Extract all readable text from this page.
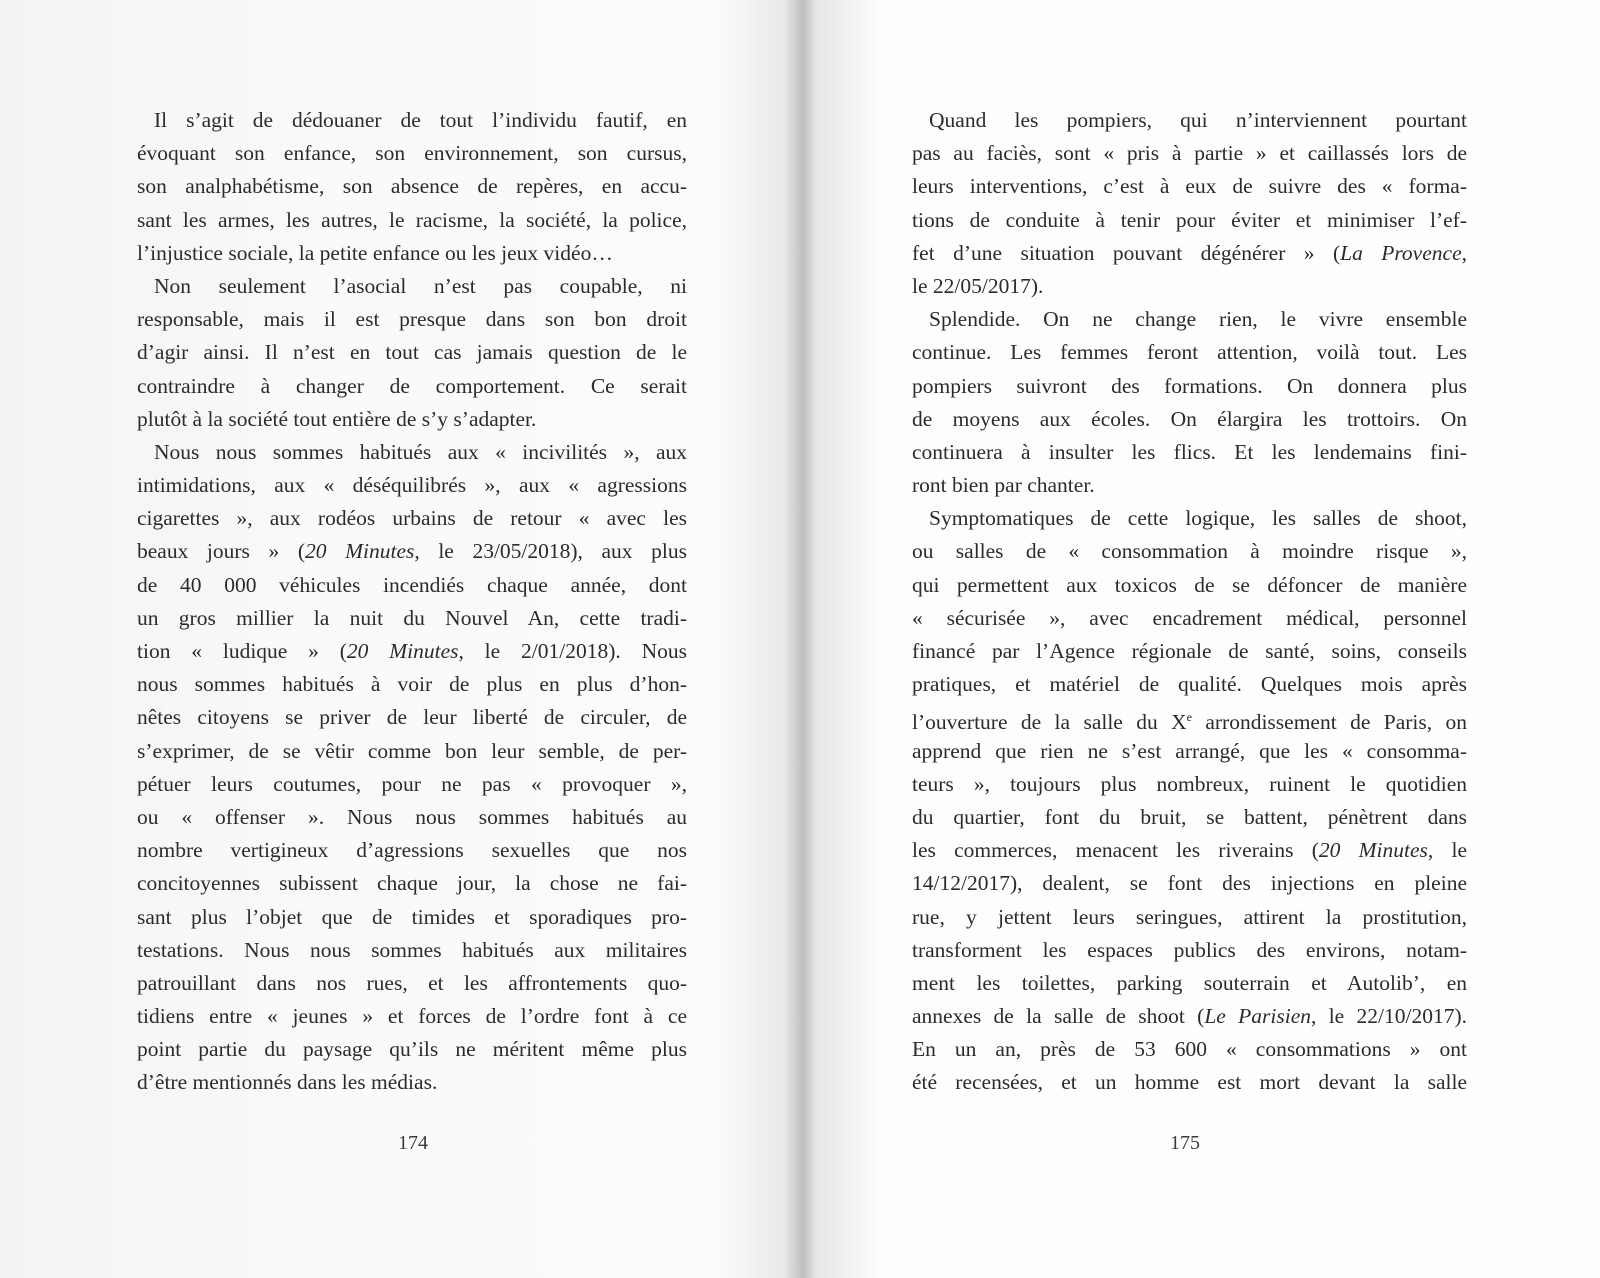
Il s’agit de dédouaner de tout l’individu fautif, en
évoquant son enfance, son environnement, son cursus,
son analphabétisme, son absence de repères, en accu-
sant les armes, les autres, le racisme, la société, la police,
l’injustice sociale, la petite enfance ou les jeux vidéo…
Non seulement l’asocial n’est pas coupable, ni
responsable, mais il est presque dans son bon droit
d’agir ainsi. Il n’est en tout cas jamais question de le
contraindre à changer de comportement. Ce serait
plutôt à la société tout entière de s’y s’adapter.
Nous nous sommes habitués aux « incivilités », aux
intimidations, aux « déséquilibrés », aux « agressions
cigarettes », aux rodéos urbains de retour « avec les
beaux jours » (20 Minutes, le 23/05/2018), aux plus
de 40 000 véhicules incendiés chaque année, dont
un gros millier la nuit du Nouvel An, cette tradi-
tion « ludique » (20 Minutes, le 2/01/2018). Nous
nous sommes habitués à voir de plus en plus d’hon-
nêtes citoyens se priver de leur liberté de circuler, de
s’exprimer, de se vêtir comme bon leur semble, de per-
pétuer leurs coutumes, pour ne pas « provoquer »,
ou « offenser ». Nous nous sommes habitués au
nombre vertigineux d’agressions sexuelles que nos
concitoyennes subissent chaque jour, la chose ne fai-
sant plus l’objet que de timides et sporadiques pro-
testations. Nous nous sommes habitués aux militaires
patrouillant dans nos rues, et les affrontements quo-
tidiens entre « jeunes » et forces de l’ordre font à ce
point partie du paysage qu’ils ne méritent même plus
d’être mentionnés dans les médias.
Quand les pompiers, qui n’interviennent pourtant
pas au faciès, sont « pris à partie » et caillassés lors de
leurs interventions, c’est à eux de suivre des « forma-
tions de conduite à tenir pour éviter et minimiser l’ef-
fet d’une situation pouvant dégénérer » (La Provence,
le 22/05/2017).
Splendide. On ne change rien, le vivre ensemble
continue. Les femmes feront attention, voilà tout. Les
pompiers suivront des formations. On donnera plus
de moyens aux écoles. On élargira les trottoirs. On
continuera à insulter les flics. Et les lendemains fini-
ront bien par chanter.
Symptomatiques de cette logique, les salles de shoot,
ou salles de « consommation à moindre risque »,
qui permettent aux toxicos de se défoncer de manière
« sécurisée », avec encadrement médical, personnel
financé par l’Agence régionale de santé, soins, conseils
pratiques, et matériel de qualité. Quelques mois après
l’ouverture de la salle du Xe arrondissement de Paris, on
apprend que rien ne s’est arrangé, que les « consomma-
teurs », toujours plus nombreux, ruinent le quotidien
du quartier, font du bruit, se battent, pénètrent dans
les commerces, menacent les riverains (20 Minutes, le
14/12/2017), dealent, se font des injections en pleine
rue, y jettent leurs seringues, attirent la prostitution,
transforment les espaces publics des environs, notam-
ment les toilettes, parking souterrain et Autolib’, en
annexes de la salle de shoot (Le Parisien, le 22/10/2017).
En un an, près de 53 600 « consommations » ont
été recensées, et un homme est mort devant la salle
174	175
